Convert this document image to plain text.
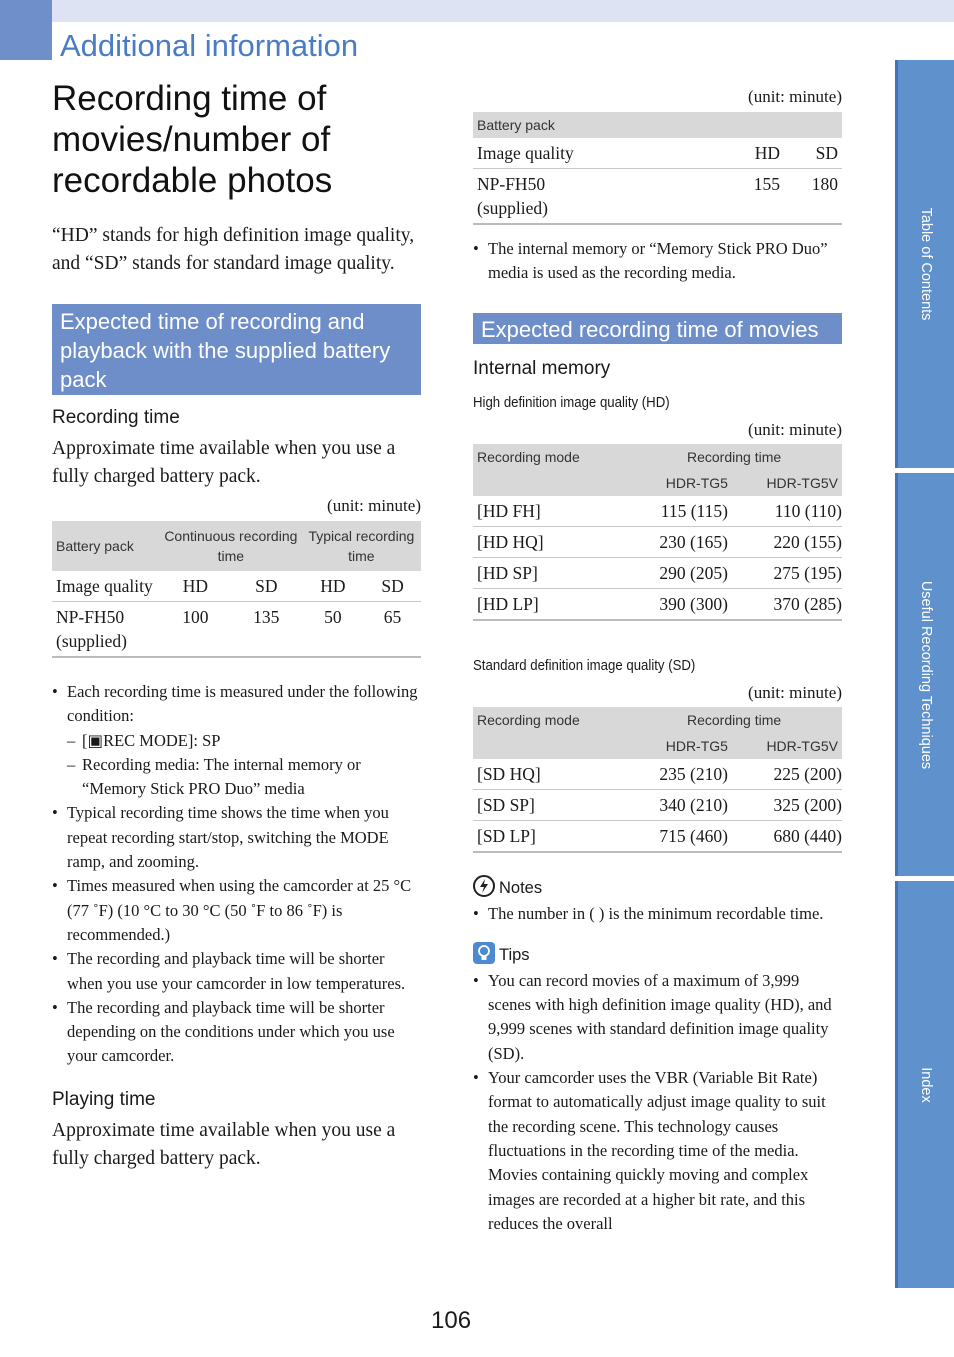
Additional information
Recording time of movies/number of recordable photos

“HD” stands for high definition image quality, and “SD” stands for standard image quality.

Expected time of recording and playback with the supplied battery pack

Recording time

Approximate time available when you use a fully charged battery pack.

(unit: minute)

Battery pack	Continuous recording time		Typical recording time	
Image quality	HD	SD	HD	SD
NP-FH50 (supplied)	100	135	50	65
• Each recording time is measured under the following condition:
– [▣REC MODE]: SP
– Recording media: The internal memory or “Memory Stick PRO Duo” media
• Typical recording time shows the time when you repeat recording start/stop, switching the MODE ramp, and zooming.
• Times measured when using the camcorder at 25 °C (77 ˚F) (10 °C to 30 °C (50 ˚F to 86 ˚F) is recommended.)
• The recording and playback time will be shorter when you use your camcorder in low temperatures.
• The recording and playback time will be shorter depending on the conditions under which you use your camcorder.

Playing time

Approximate time available when you use a fully charged battery pack.

(unit: minute)

Battery pack		
Image quality	HD	SD

NP-FH50 (supplied)	155	180
• The internal memory or “Memory Stick PRO Duo” media is used as the recording media.
Expected recording time of movies

Internal memory

High definition image quality (HD)

(unit: minute)

Recording mode	Recording time	
	HDR-TG5	HDR-TG5V
[HD FH]	115 (115)	110 (110)
[HD HQ]	230 (165)	220 (155)
[HD SP]	290 (205)	275 (195)
[HD LP]	390 (300)	370 (285)

Standard definition image quality (SD)

(unit: minute)

Recording mode	Recording time	
	HDR-TG5	HDR-TG5V
[SD HQ]	235 (210)	225 (200)
[SD SP]	340 (210)	325 (200)
[SD LP]	715 (460)	680 (440)
Notes
• The number in ( ) is the minimum recordable time.
Tips
• You can record movies of a maximum of 3,999 scenes with high definition image quality (HD), and 9,999 scenes with standard definition image quality (SD).
• Your camcorder uses the VBR (Variable Bit Rate) format to automatically adjust image quality to suit the recording scene. This technology causes fluctuations in the recording time of the media. Movies containing quickly moving and complex images are recorded at a higher bit rate, and this reduces the overall
Table of Contents
Useful Recording Techniques
Index
106
